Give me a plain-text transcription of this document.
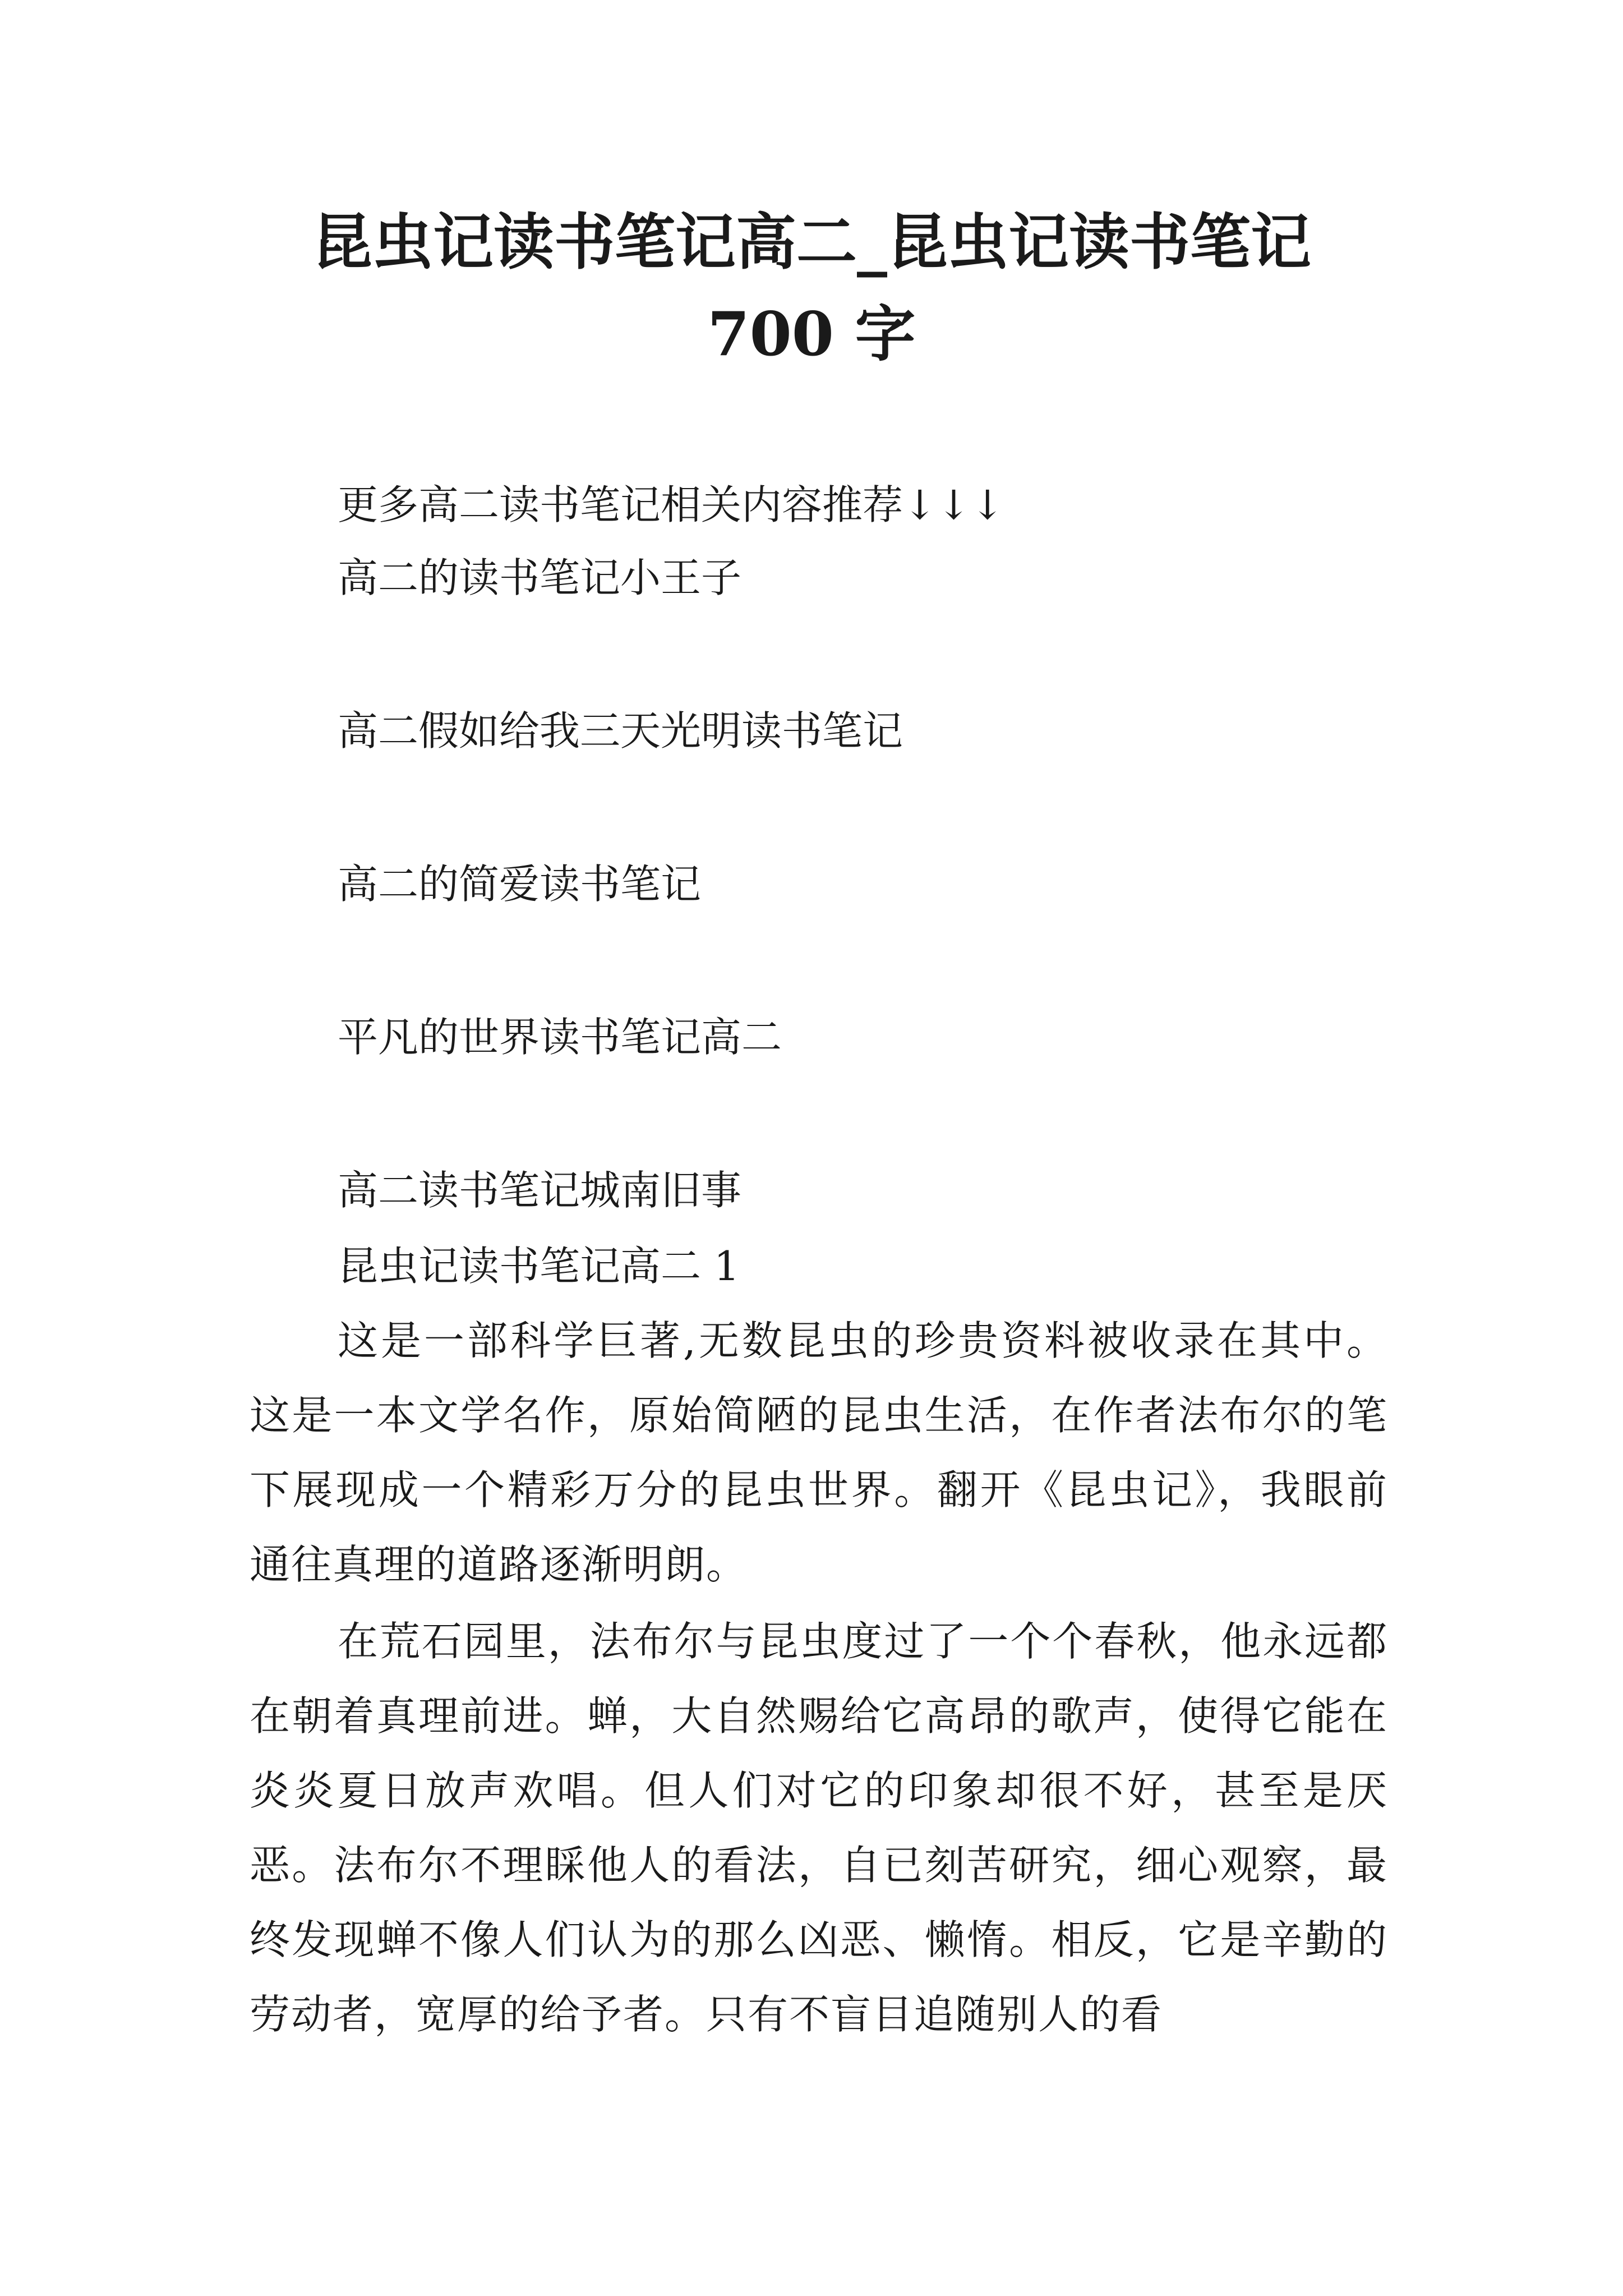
昆虫记读书笔记高二_昆虫记读书笔记 700 字

更多高二读书笔记相关内容推荐↓↓↓

高二的读书笔记小王子

高二假如给我三天光明读书笔记

高二的简爱读书笔记

平凡的世界读书笔记高二

高二读书笔记城南旧事

昆虫记读书笔记高二 1

这是一部科学巨著,无数昆虫的珍贵资料被收录在其中。这是一本文学名作，原始简陋的昆虫生活，在作者法布尔的笔下展现成一个精彩万分的昆虫世界。翻开《昆虫记》，我眼前通往真理的道路逐渐明朗。

在荒石园里，法布尔与昆虫度过了一个个春秋，他永远都在朝着真理前进。蝉，大自然赐给它高昂的歌声，使得它能在炎炎夏日放声欢唱。但人们对它的印象却很不好，甚至是厌恶。法布尔不理睬他人的看法，自已刻苦研究，细心观察，最终发现蝉不像人们认为的那么凶恶、懒惰。相反，它是辛勤的劳动者，宽厚的给予者。只有不盲目追随别人的看
